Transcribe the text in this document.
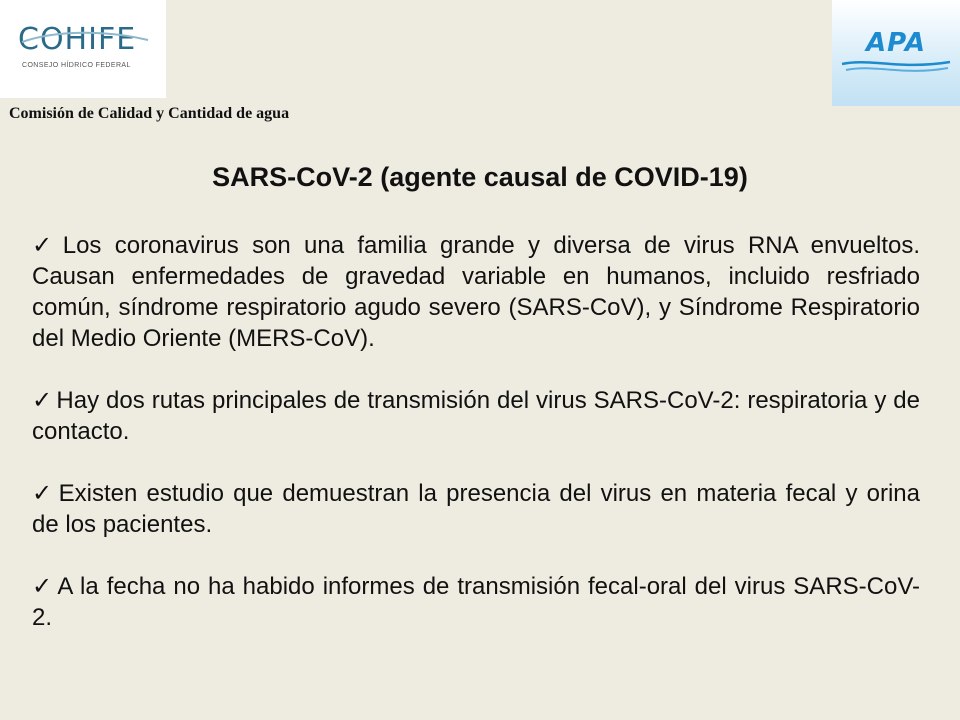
COHIFE
CONSEJO HÍDRICO FEDERAL
APA
Comisión de Calidad y Cantidad de agua
SARS-CoV-2 (agente causal de COVID-19)
✓ Los coronavirus son una familia grande y diversa de virus RNA envueltos. Causan enfermedades de gravedad variable en humanos, incluido resfriado común, síndrome respiratorio agudo severo (SARS-CoV), y Síndrome Respiratorio del Medio Oriente (MERS-CoV).
✓ Hay dos rutas principales de transmisión del virus SARS-CoV-2: respiratoria y de contacto.
✓ Existen estudio que demuestran la presencia del virus en materia fecal y orina de los pacientes.
✓ A la fecha no ha habido informes de transmisión fecal-oral del virus SARS-CoV-2.
